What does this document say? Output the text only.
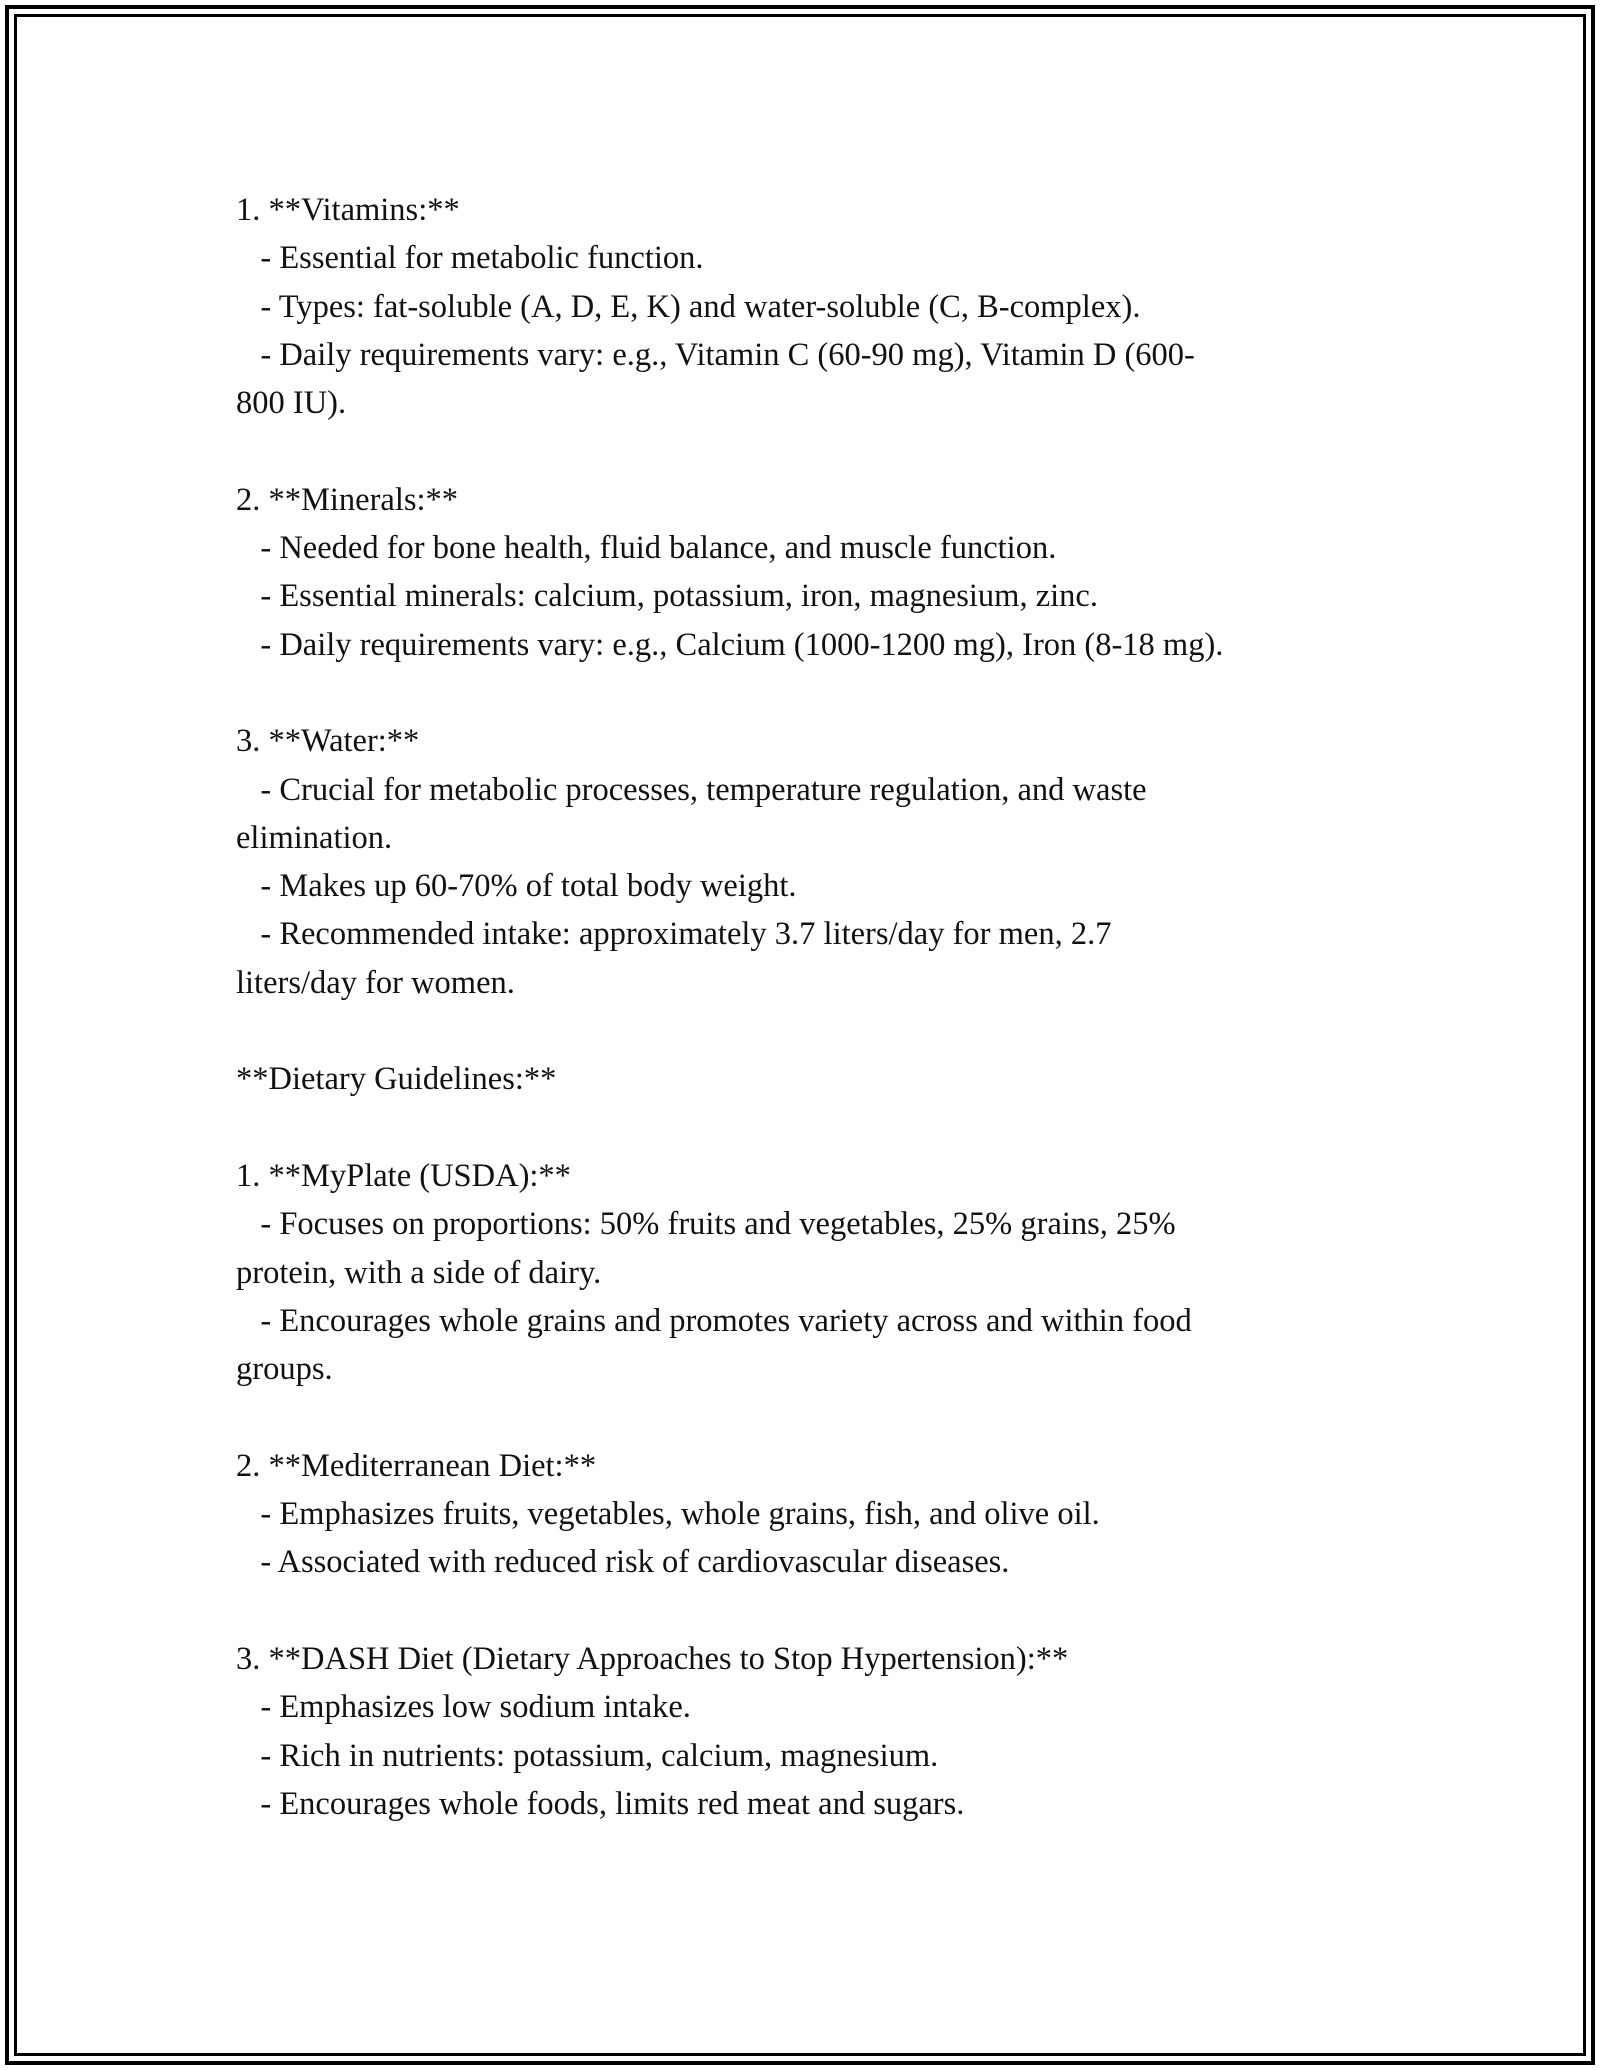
1. **Vitamins:**

- Essential for metabolic function.

- Types: fat-soluble (A, D, E, K) and water-soluble (C, B-complex).

- Daily requirements vary: e.g., Vitamin C (60-90 mg), Vitamin D (600-

800 IU).

2. **Minerals:**

- Needed for bone health, fluid balance, and muscle function.

- Essential minerals: calcium, potassium, iron, magnesium, zinc.

- Daily requirements vary: e.g., Calcium (1000-1200 mg), Iron (8-18 mg).

3. **Water:**

- Crucial for metabolic processes, temperature regulation, and waste

elimination.

- Makes up 60-70% of total body weight.

- Recommended intake: approximately 3.7 liters/day for men, 2.7

liters/day for women.

**Dietary Guidelines:**

1. **MyPlate (USDA):**

- Focuses on proportions: 50% fruits and vegetables, 25% grains, 25%

protein, with a side of dairy.

- Encourages whole grains and promotes variety across and within food

groups.

2. **Mediterranean Diet:**

- Emphasizes fruits, vegetables, whole grains, fish, and olive oil.

- Associated with reduced risk of cardiovascular diseases.

3. **DASH Diet (Dietary Approaches to Stop Hypertension):**

- Emphasizes low sodium intake.

- Rich in nutrients: potassium, calcium, magnesium.

- Encourages whole foods, limits red meat and sugars.
